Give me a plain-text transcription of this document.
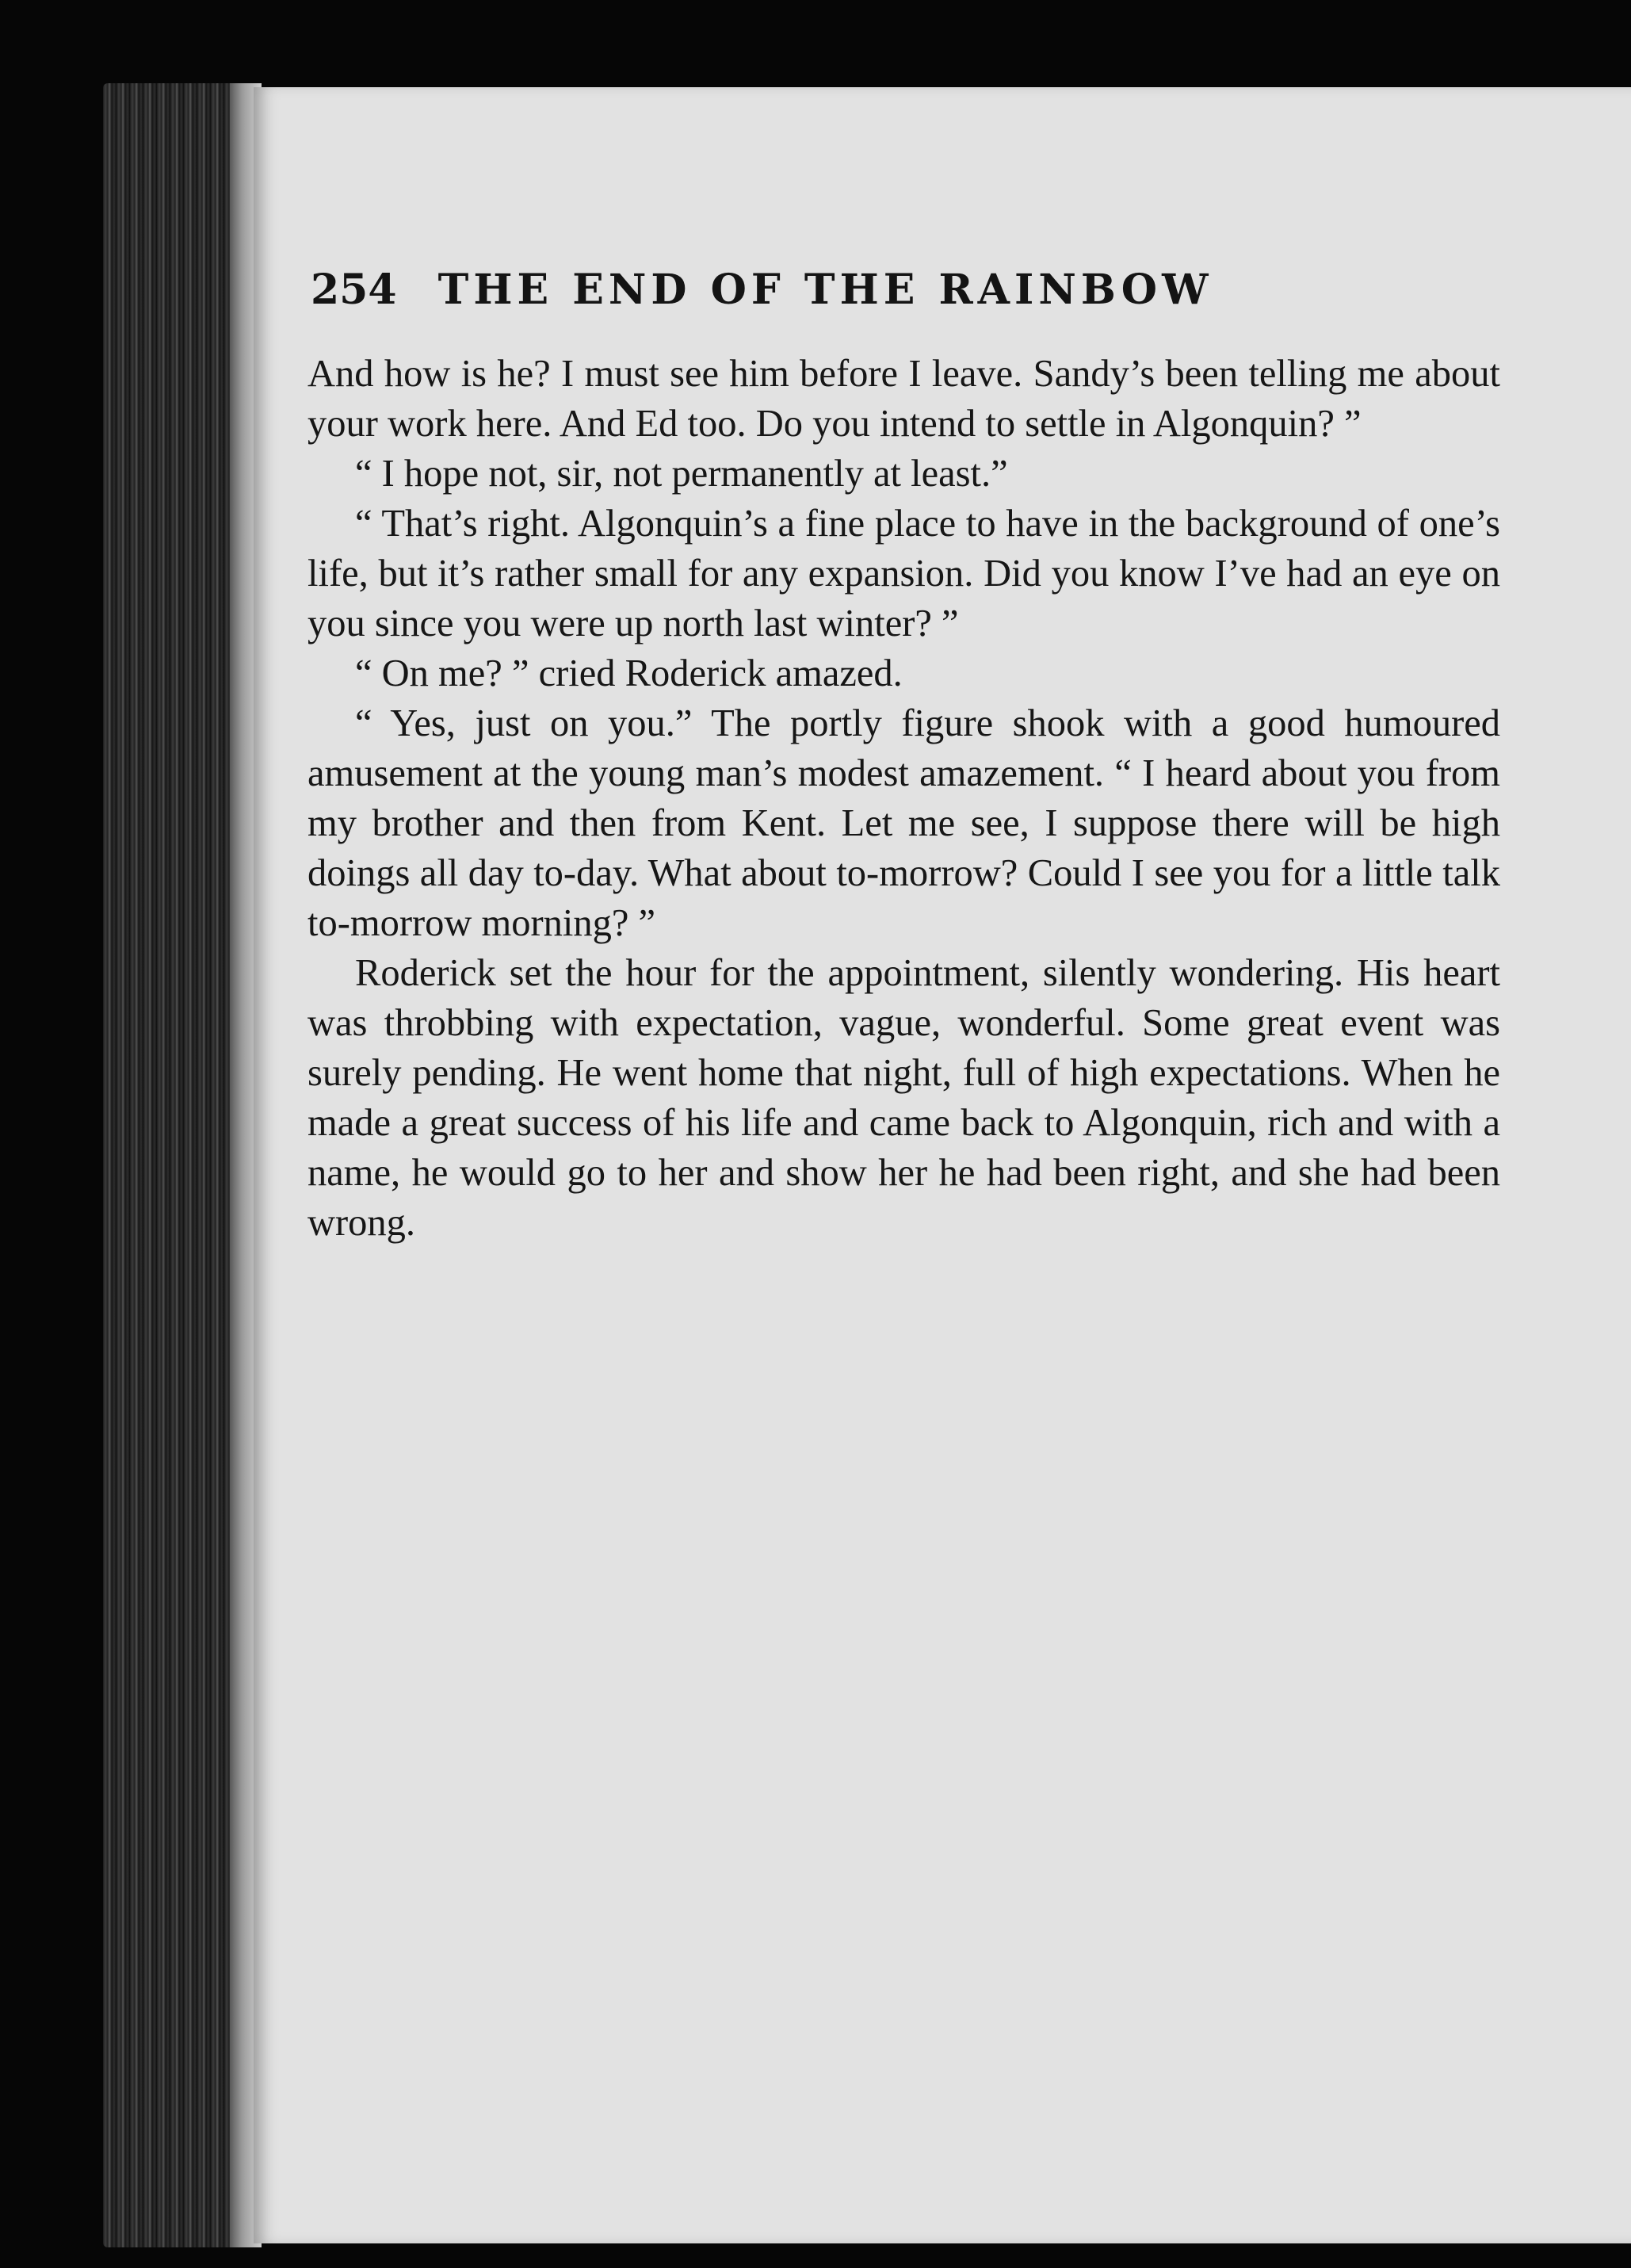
254 THE END OF THE RAINBOW

And how is he? I must see him before I leave. Sandy’s been telling me about your work here. And Ed too. Do you intend to settle in Algonquin? ”

“ I hope not, sir, not permanently at least.”

“ That’s right. Algonquin’s a fine place to have in the background of one’s life, but it’s rather small for any expansion. Did you know I’ve had an eye on you since you were up north last winter? ”

“ On me? ” cried Roderick amazed.

“ Yes, just on you.” The portly figure shook with a good humoured amusement at the young man’s modest amazement. “ I heard about you from my brother and then from Kent. Let me see, I suppose there will be high doings all day to-day. What about to-morrow? Could I see you for a little talk to-morrow morning? ”

Roderick set the hour for the appointment, silently wondering. His heart was throbbing with expectation, vague, wonderful. Some great event was surely pending. He went home that night, full of high expectations. When he made a great success of his life and came back to Algonquin, rich and with a name, he would go to her and show her he had been right, and she had been wrong.
